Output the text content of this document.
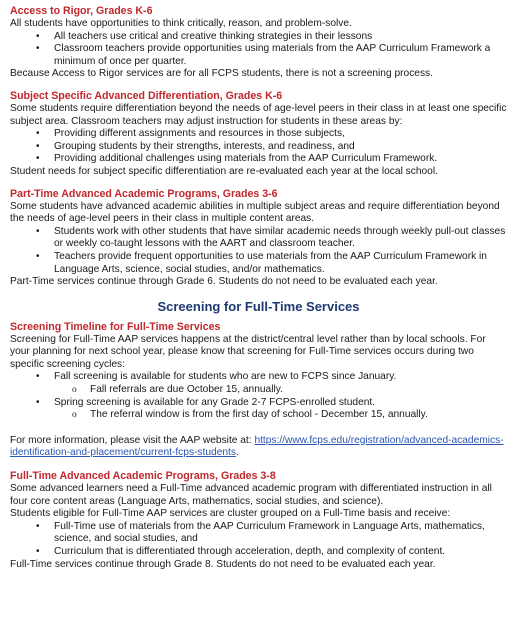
Access to Rigor, Grades K-6

All students have opportunities to think critically, reason, and problem-solve.

• All teachers use critical and creative thinking strategies in their lessons
• Classroom teachers provide opportunities using materials from the AAP Curriculum Framework a minimum of once per quarter.

Because Access to Rigor services are for all FCPS students, there is not a screening process.

Subject Specific Advanced Differentiation, Grades K-6

Some students require differentiation beyond the needs of age-level peers in their class in at least one specific subject area. Classroom teachers may adjust instruction for students in these areas by:

• Providing different assignments and resources in those subjects,
• Grouping students by their strengths, interests, and readiness, and
• Providing additional challenges using materials from the AAP Curriculum Framework.

Student needs for subject specific differentiation are re-evaluated each year at the local school.

Part-Time Advanced Academic Programs, Grades 3-6

Some students have advanced academic abilities in multiple subject areas and require differentiation beyond the needs of age-level peers in their class in multiple content areas.

• Students work with other students that have similar academic needs through weekly pull-out classes or weekly co-taught lessons with the AART and classroom teacher.
• Teachers provide frequent opportunities to use materials from the AAP Curriculum Framework in Language Arts, science, social studies, and/or mathematics.

Part-Time services continue through Grade 6. Students do not need to be evaluated each year.

Screening for Full-Time Services
Screening Timeline for Full-Time Services

Screening for Full-Time AAP services happens at the district/central level rather than by local schools. For your planning for next school year, please know that screening for Full-Time services occurs during two specific screening cycles:

• Fall screening is available for students who are new to FCPS since January.
o Fall referrals are due October 15, annually.
• Spring screening is available for any Grade 2-7 FCPS-enrolled student.
o The referral window is from the first day of school - December 15, annually.

For more information, please visit the AAP website at: https://www.fcps.edu/registration/advanced-academics-identification-and-placement/current-fcps-students.

Full-Time Advanced Academic Programs, Grades 3-8

Some advanced learners need a Full-Time advanced academic program with differentiated instruction in all four core content areas (Language Arts, mathematics, social studies, and science).

Students eligible for Full-Time AAP services are cluster grouped on a Full-Time basis and receive:

• Full-Time use of materials from the AAP Curriculum Framework in Language Arts, mathematics, science, and social studies, and
• Curriculum that is differentiated through acceleration, depth, and complexity of content.

Full-Time services continue through Grade 8. Students do not need to be evaluated each year.
